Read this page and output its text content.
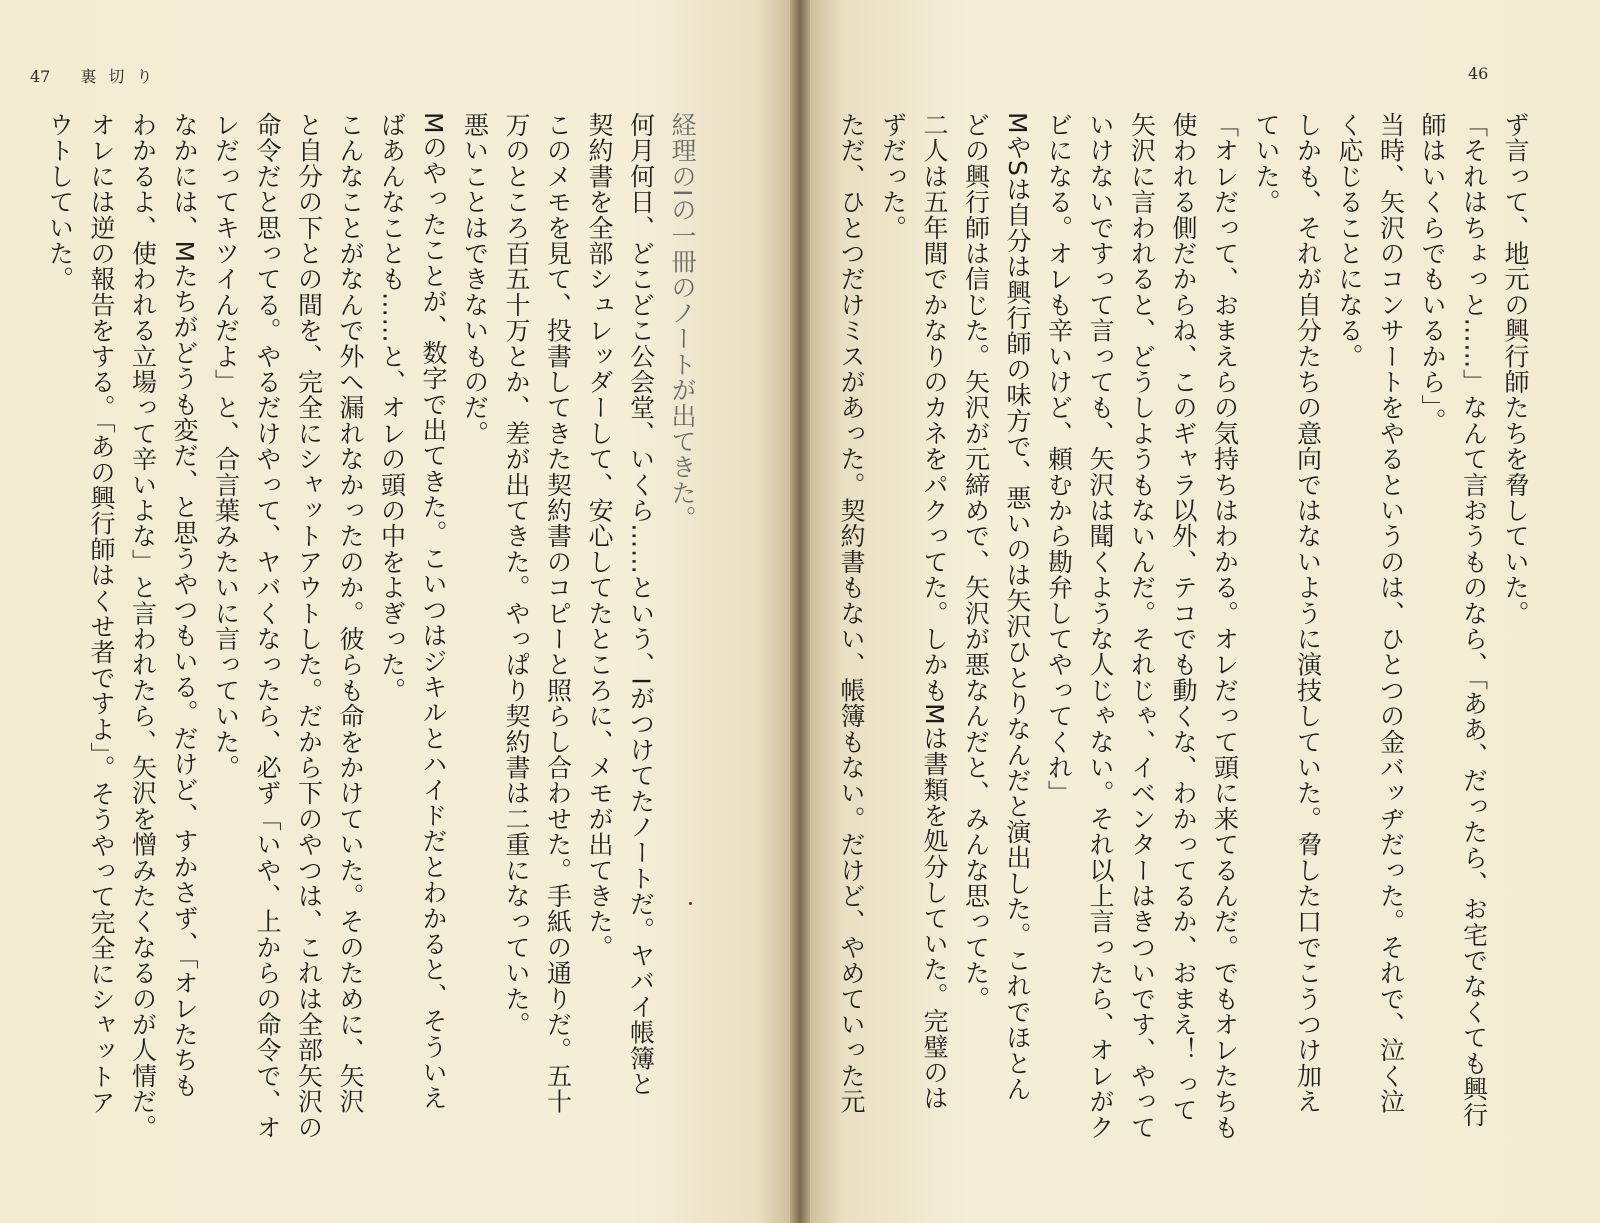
47 裏切り	46
ず言って、地元の興行師たちを脅していた。
「それはちょっと……」なんて言おうものなら、「ああ、だったら、お宅でなくても興行
師はいくらでもいるから」。
当時、矢沢のコンサートをやるというのは、ひとつの金バッヂだった。それで、泣く泣
く応じることになる。
しかも、それが自分たちの意向ではないように演技していた。脅した口でこうつけ加え
ていた。
「オレだって、おまえらの気持ちはわかる。オレだって頭に来てるんだ。でもオレたちも
使われる側だからね、このギャラ以外、テコでも動くな、わかってるか、おまえ！ って
矢沢に言われると、どうしようもないんだ。それじゃ、イベンターはきついです、やって
いけないですって言っても、矢沢は聞くような人じゃない。それ以上言ったら、オレがク
ビになる。オレも辛いけど、頼むから勘弁してやってくれ」
MやSは自分は興行師の味方で、悪いのは矢沢ひとりなんだと演出した。これでほとん
どの興行師は信じた。矢沢が元締めで、矢沢が悪なんだと、みんな思ってた。
二人は五年間でかなりのカネをパクってた。しかもMは書類を処分していた。完璧のは
ずだった。
ただ、ひとつだけミスがあった。契約書もない、帳簿もない。だけど、やめていった元
経理のIの一冊のノートが出てきた。
何月何日、どこどこ公会堂、いくら……という、Iがつけてたノートだ。ヤバイ帳簿と
契約書を全部シュレッダーして、安心してたところに、メモが出てきた。
このメモを見て、投書してきた契約書のコピーと照らし合わせた。手紙の通りだ。五十
万のところ百五十万とか、差が出てきた。やっぱり契約書は二重になっていた。
悪いことはできないものだ。
Mのやったことが、数字で出てきた。こいつはジキルとハイドだとわかると、そういえ
ばあんなことも……と、オレの頭の中をよぎった。
こんなことがなんで外へ漏れなかったのか。彼らも命をかけていた。そのために、矢沢
と自分の下との間を、完全にシャットアウトした。だから下のやつは、これは全部矢沢の
命令だと思ってる。やるだけやって、ヤバくなったら、必ず「いや、上からの命令で、オ
レだってキツイんだよ」と、合言葉みたいに言っていた。
なかには、Mたちがどうも変だ、と思うやつもいる。だけど、すかさず、「オレたちも
わかるよ、使われる立場って辛いよな」と言われたら、矢沢を憎みたくなるのが人情だ。
オレには逆の報告をする。「あの興行師はくせ者ですよ」。そうやって完全にシャットア
ウトしていた。
